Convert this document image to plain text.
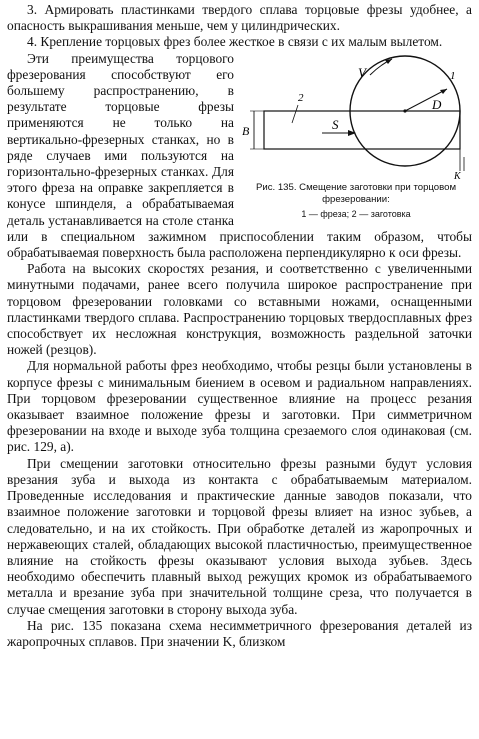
3. Армировать пластинками твердого сплава торцовые фрезы удобнее, а опасность выкрашивания меньше, чем у цилиндрических.

4. Крепление торцовых фрез более жесткое в связи с их малым вылетом.

V
D
1
2
S
B
K
Рис. 135. Смещение заготовки при торцовом фрезеровании:
1 — фреза; 2 — заготовка

Эти преимущества торцового фрезерования способствуют его большему распространению, в результате торцовые фрезы применяются не только на вертикально-фрезерных станках, но в ряде случаев ими пользуются на горизонтально-фрезерных станках. Для этого фреза на оправке закрепляется в конусе шпинделя, а обрабатываемая деталь устанавливается на столе станка или в специальном зажимном приспособлении таким образом, чтобы обрабатываемая поверхность была расположена перпендикулярно к оси фрезы.

Работа на высоких скоростях резания, и соответственно с увеличенными минутными подачами, ранее всего получила широкое распространение при торцовом фрезеровании головками со вставными ножами, оснащенными пластинками твердого сплава. Распространению торцовых твердосплавных фрез способствует их несложная конструкция, возможность раздельной заточки ножей (резцов).

Для нормальной работы фрез необходимо, чтобы резцы были установлены в корпусе фрезы с минимальным биением в осевом и радиальном направлениях. При торцовом фрезеровании существенное влияние на процесс резания оказывает взаимное положение фрезы и заготовки. При симметричном фрезеровании на входе и выходе зуба толщина срезаемого слоя одинаковая (см. рис. 129, а).

При смещении заготовки относительно фрезы разными будут условия врезания зуба и выхода из контакта с обрабатываемым материалом. Проведенные исследования и практические данные заводов показали, что взаимное положение заготовки и торцовой фрезы влияет на износ зубьев, а следовательно, и на их стойкость. При обработке деталей из жаропрочных и нержавеющих сталей, обладающих высокой пластичностью, преимущественное влияние на стойкость фрезы оказывают условия выхода зубьев. Здесь необходимо обеспечить плавный выход режущих кромок из обрабатываемого металла и врезание зуба при значительной толщине среза, что получается в случае смещения заготовки в сторону выхода зуба.

На рис. 135 показана схема несимметричного фрезерования деталей из жаропрочных сплавов. При значении K, близком
